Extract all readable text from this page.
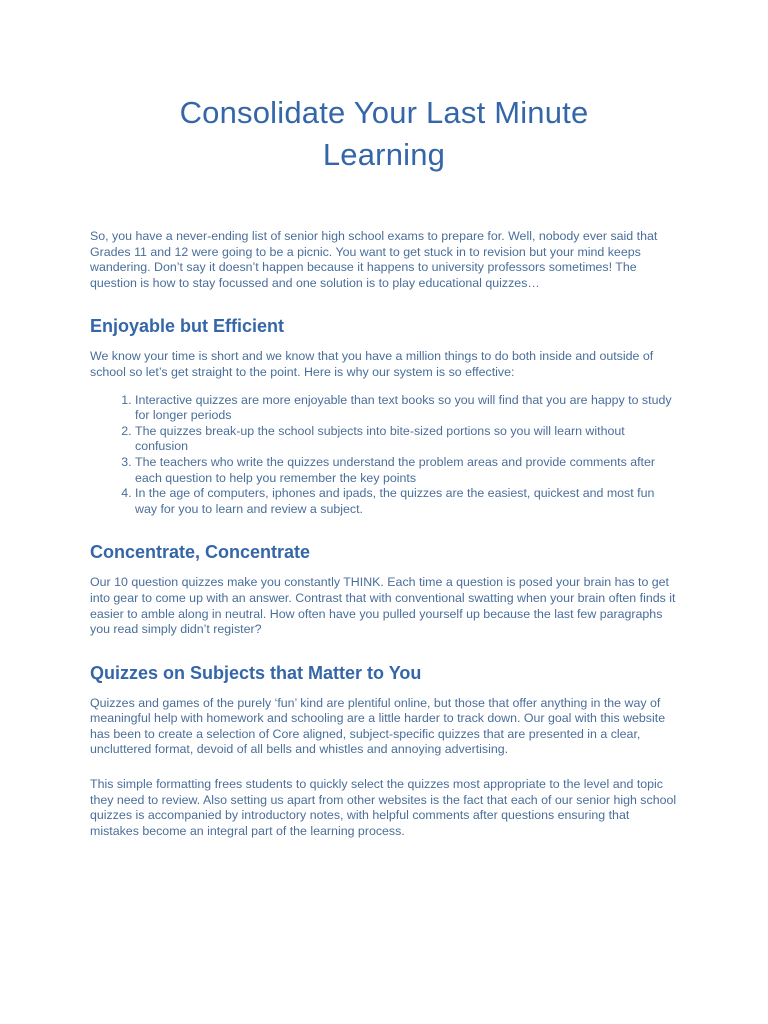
Consolidate Your Last Minute Learning

So, you have a never-ending list of senior high school exams to prepare for. Well, nobody ever said that Grades 11 and 12 were going to be a picnic. You want to get stuck in to revision but your mind keeps wandering. Don’t say it doesn’t happen because it happens to university professors sometimes! The question is how to stay focussed and one solution is to play educational quizzes…

Enjoyable but Efficient

We know your time is short and we know that you have a million things to do both inside and outside of school so let’s get straight to the point. Here is why our system is so effective:

1. Interactive quizzes are more enjoyable than text books so you will find that you are happy to study for longer periods
2. The quizzes break-up the school subjects into bite-sized portions so you will learn without confusion
3. The teachers who write the quizzes understand the problem areas and provide comments after each question to help you remember the key points
4. In the age of computers, iphones and ipads, the quizzes are the easiest, quickest and most fun way for you to learn and review a subject.
Concentrate, Concentrate

Our 10 question quizzes make you constantly THINK. Each time a question is posed your brain has to get into gear to come up with an answer. Contrast that with conventional swatting when your brain often finds it easier to amble along in neutral. How often have you pulled yourself up because the last few paragraphs you read simply didn’t register?

Quizzes on Subjects that Matter to You

Quizzes and games of the purely ‘fun’ kind are plentiful online, but those that offer anything in the way of meaningful help with homework and schooling are a little harder to track down. Our goal with this website has been to create a selection of Core aligned, subject-specific quizzes that are presented in a clear, uncluttered format, devoid of all bells and whistles and annoying advertising.

This simple formatting frees students to quickly select the quizzes most appropriate to the level and topic they need to review. Also setting us apart from other websites is the fact that each of our senior high school quizzes is accompanied by introductory notes, with helpful comments after questions ensuring that mistakes become an integral part of the learning process.
